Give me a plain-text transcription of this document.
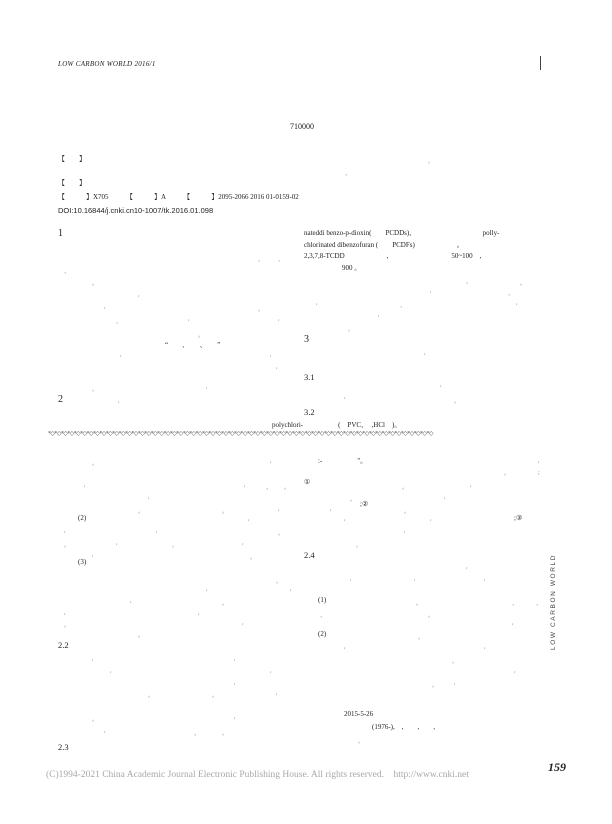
LOW CARBON WORLD 2016/1
710000
【　　】	。
、
【　　】
【　　　】X705　　　【　　　】A　　　【　　　】2095-2066 2016 01-0159-02
DOI:10.16844/j.cnki.cn10-1007/tk.2016.01.098
1
、 、
、
。
,
,	。
、	,	,
。
“　　、　　、　　”
,	,
,
。
2	,
,
nateddi benzo-p-dioxin(　　PCDDs)、　　　　　　　　　　polly-
chlorinated dibenzofuran (　　PCDFs)　　　　　　。
2,3,7,8-TCDD　　　　　　,　　　　　　　　　50~100　,
900 。
、	。
,	、
,	、	,
,
。
3
,
3.1
,
,
。
3.2
polychlori-　　　　　(　PVC、　,HCl　)。
*◇*◇*◇*◇*◇*◇*◇*◇*◇*◇*◇*◇*◇*◇*◇*◇*◇*◇*◇*◇*◇*◇*◇*◇*◇*◇*◇*◇*◇*◇*◇*◇*◇*◇*◇*◇*◇*◇*◇*◇*◇*◇*◇*◇*◇*◇*◇*◇*◇*◇*◇*◇*◇*◇*◇*◇*◇*◇*◇*◇
。	,	:-　　　　　"。	,
。	;
,	,	、 。
①
。	,
,	。	,
;②
。	。	,	,	。
(2)	,	,	,	;③
,	,	。	,
。	,	。	,	。
,	。	2.4
(3)
,
。	,	,	,
,	,
,	。	(1)	。	、	、
,	,	、	。
。	,	,
。	(2)	。
2.2	,	,
,	,	。
,	,	,
,	。	,
。	。	,
2015-5-26
。	,
(1976-),　,　　,　　,
,	、	。
。
2.3
LOW CARBON WORLD
159
(C)1994-2021 China Academic Journal Electronic Publishing House. All rights reserved.　http://www.cnki.net
